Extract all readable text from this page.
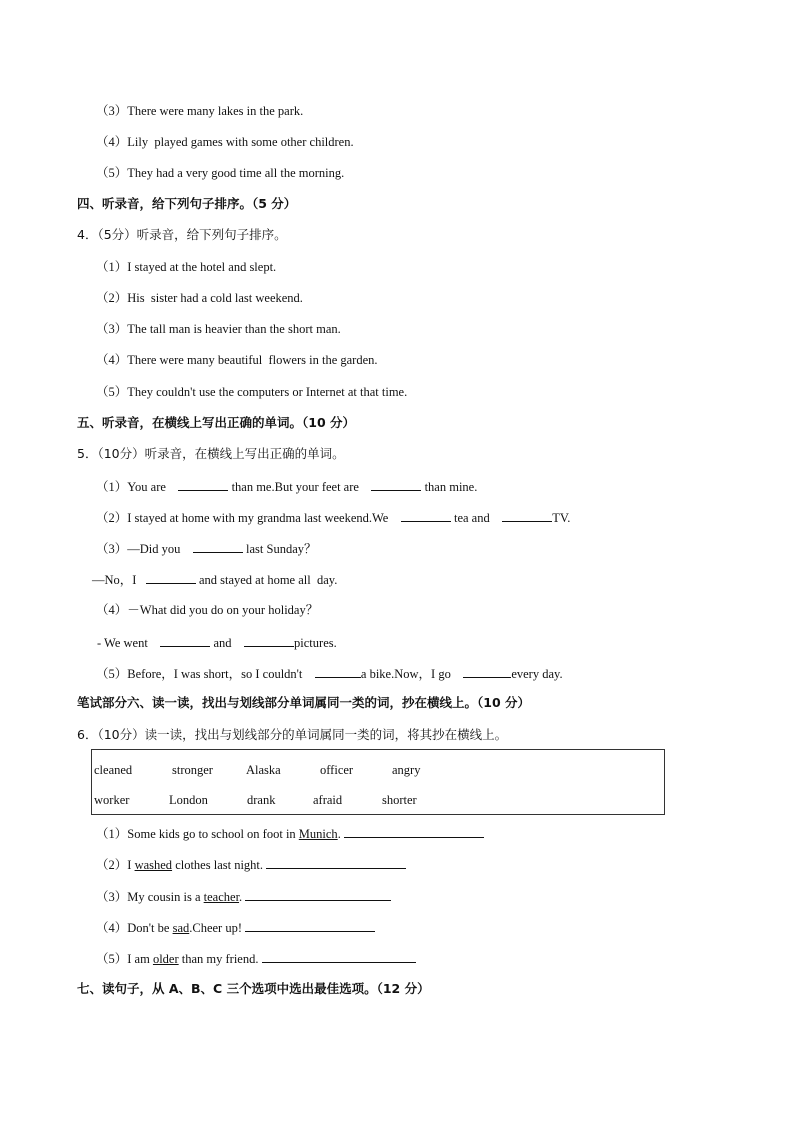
（3）There were many lakes in the park.
（4）Lily  played games with some other children.
（5）They had a very good time all the morning.
四、听录音，给下列句子排序。（5 分）
4．（5分）听录音，给下列句子排序。
（1）I stayed at the hotel and slept.
（2）His  sister had a cold last weekend.
（3）The tall man is heavier than the short man.
（4）There were many beautiful  flowers in the garden.
（5）They couldn't use the computers or Internet at that time.
五、听录音，在横线上写出正确的单词。（10 分）
5．（10分）听录音，在横线上写出正确的单词。
（1）You are	than me.But your feet are	than mine.
（2）I stayed at home with my grandma last weekend.We	tea and	TV.
（3）—Did you	last Sunday？
—No，I	and stayed at home all  day.
（4）－What did you do on your holiday？
- We went	and	pictures.
（5）Before，I was short，so I couldn't	a bike.Now，I go	every day.
笔试部分六、读一读，找出与划线部分单词属同一类的词，抄在横线上。（10 分）
6．（10分）读一读，找出与划线部分的单词属同一类的词，将其抄在横线上。
cleaned	stronger	Alaska	officer	angry
worker	London	drank	afraid	shorter
（1）Some kids go to school on foot in Munich.
（2）I washed clothes last night.
（3）My cousin is a teacher.
（4）Don't be sad.Cheer up!
（5）I am older than my friend.
七、读句子，从 A、B、C 三个选项中选出最佳选项。（12 分）
